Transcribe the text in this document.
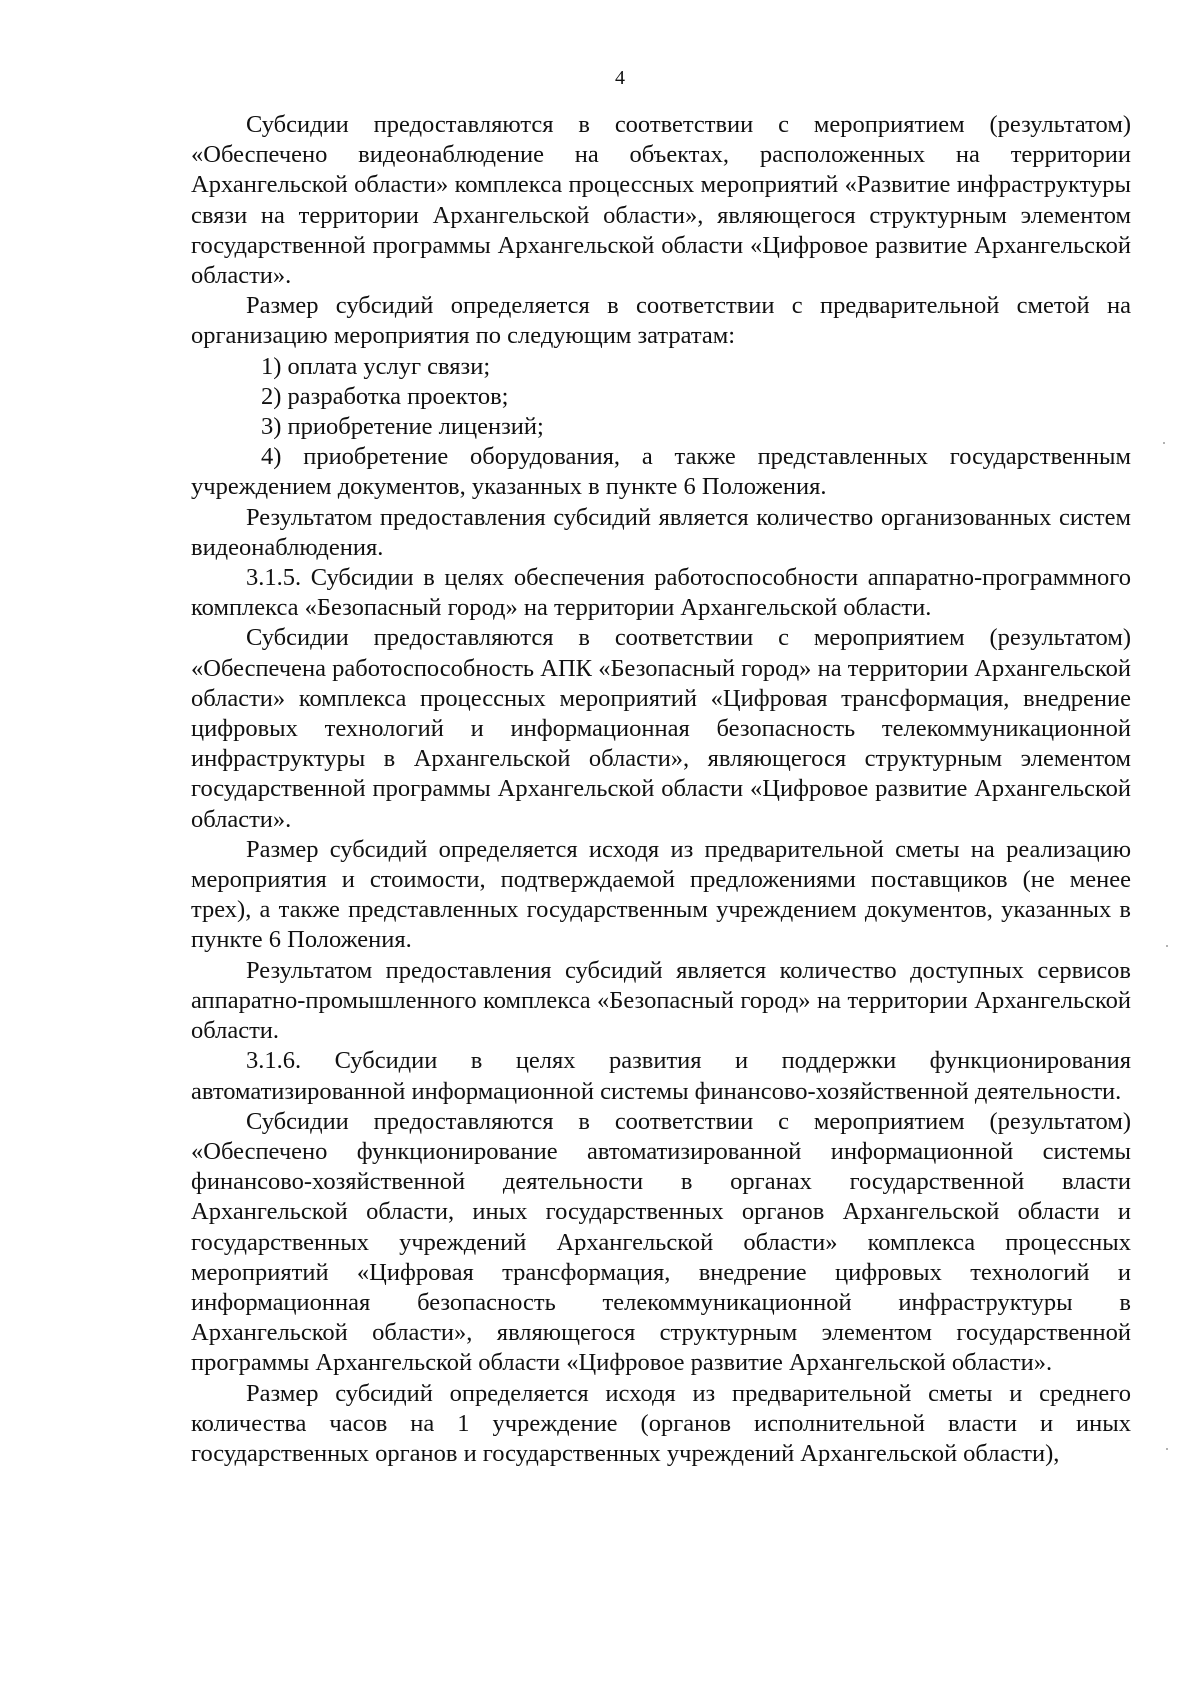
4

Субсидии предоставляются в соответствии с мероприятием (результатом) «Обеспечено видеонаблюдение на объектах, расположенных на территории Архангельской области» комплекса процессных мероприятий «Развитие инфраструктуры связи на территории Архангельской области», являющегося структурным элементом государственной программы Архангельской области «Цифровое развитие Архангельской области».

Размер субсидий определяется в соответствии с предварительной сметой на организацию мероприятия по следующим затратам:

1) оплата услуг связи;

2) разработка проектов;

3) приобретение лицензий;

4) приобретение оборудования, а также представленных государственным учреждением документов, указанных в пункте 6 Положения.

Результатом предоставления субсидий является количество организованных систем видеонаблюдения.

3.1.5. Субсидии в целях обеспечения работоспособности аппаратно-программного комплекса «Безопасный город» на территории Архангельской области.

Субсидии предоставляются в соответствии с мероприятием (результатом) «Обеспечена работоспособность АПК «Безопасный город» на территории Архангельской области» комплекса процессных мероприятий «Цифровая трансформация, внедрение цифровых технологий и информационная безопасность телекоммуникационной инфраструктуры в Архангельской области», являющегося структурным элементом государственной программы Архангельской области «Цифровое развитие Архангельской области».

Размер субсидий определяется исходя из предварительной сметы на реализацию мероприятия и стоимости, подтверждаемой предложениями поставщиков (не менее трех), а также представленных государственным учреждением документов, указанных в пункте 6 Положения.

Результатом предоставления субсидий является количество доступных сервисов аппаратно-промышленного комплекса «Безопасный город» на территории Архангельской области.

3.1.6. Субсидии в целях развития и поддержки функционирования автоматизированной информационной системы финансово-хозяйственной деятельности.

Субсидии предоставляются в соответствии с мероприятием (результатом) «Обеспечено функционирование автоматизированной информационной системы финансово-хозяйственной деятельности в органах государственной власти Архангельской области, иных государственных органов Архангельской области и государственных учреждений Архангельской области» комплекса процессных мероприятий «Цифровая трансформация, внедрение цифровых технологий и информационная безопасность телекоммуникационной инфраструктуры в Архангельской области», являющегося структурным элементом государственной программы Архангельской области «Цифровое развитие Архангельской области».

Размер субсидий определяется исходя из предварительной сметы и среднего количества часов на 1 учреждение (органов исполнительной власти и иных государственных органов и государственных учреждений Архангельской области),
